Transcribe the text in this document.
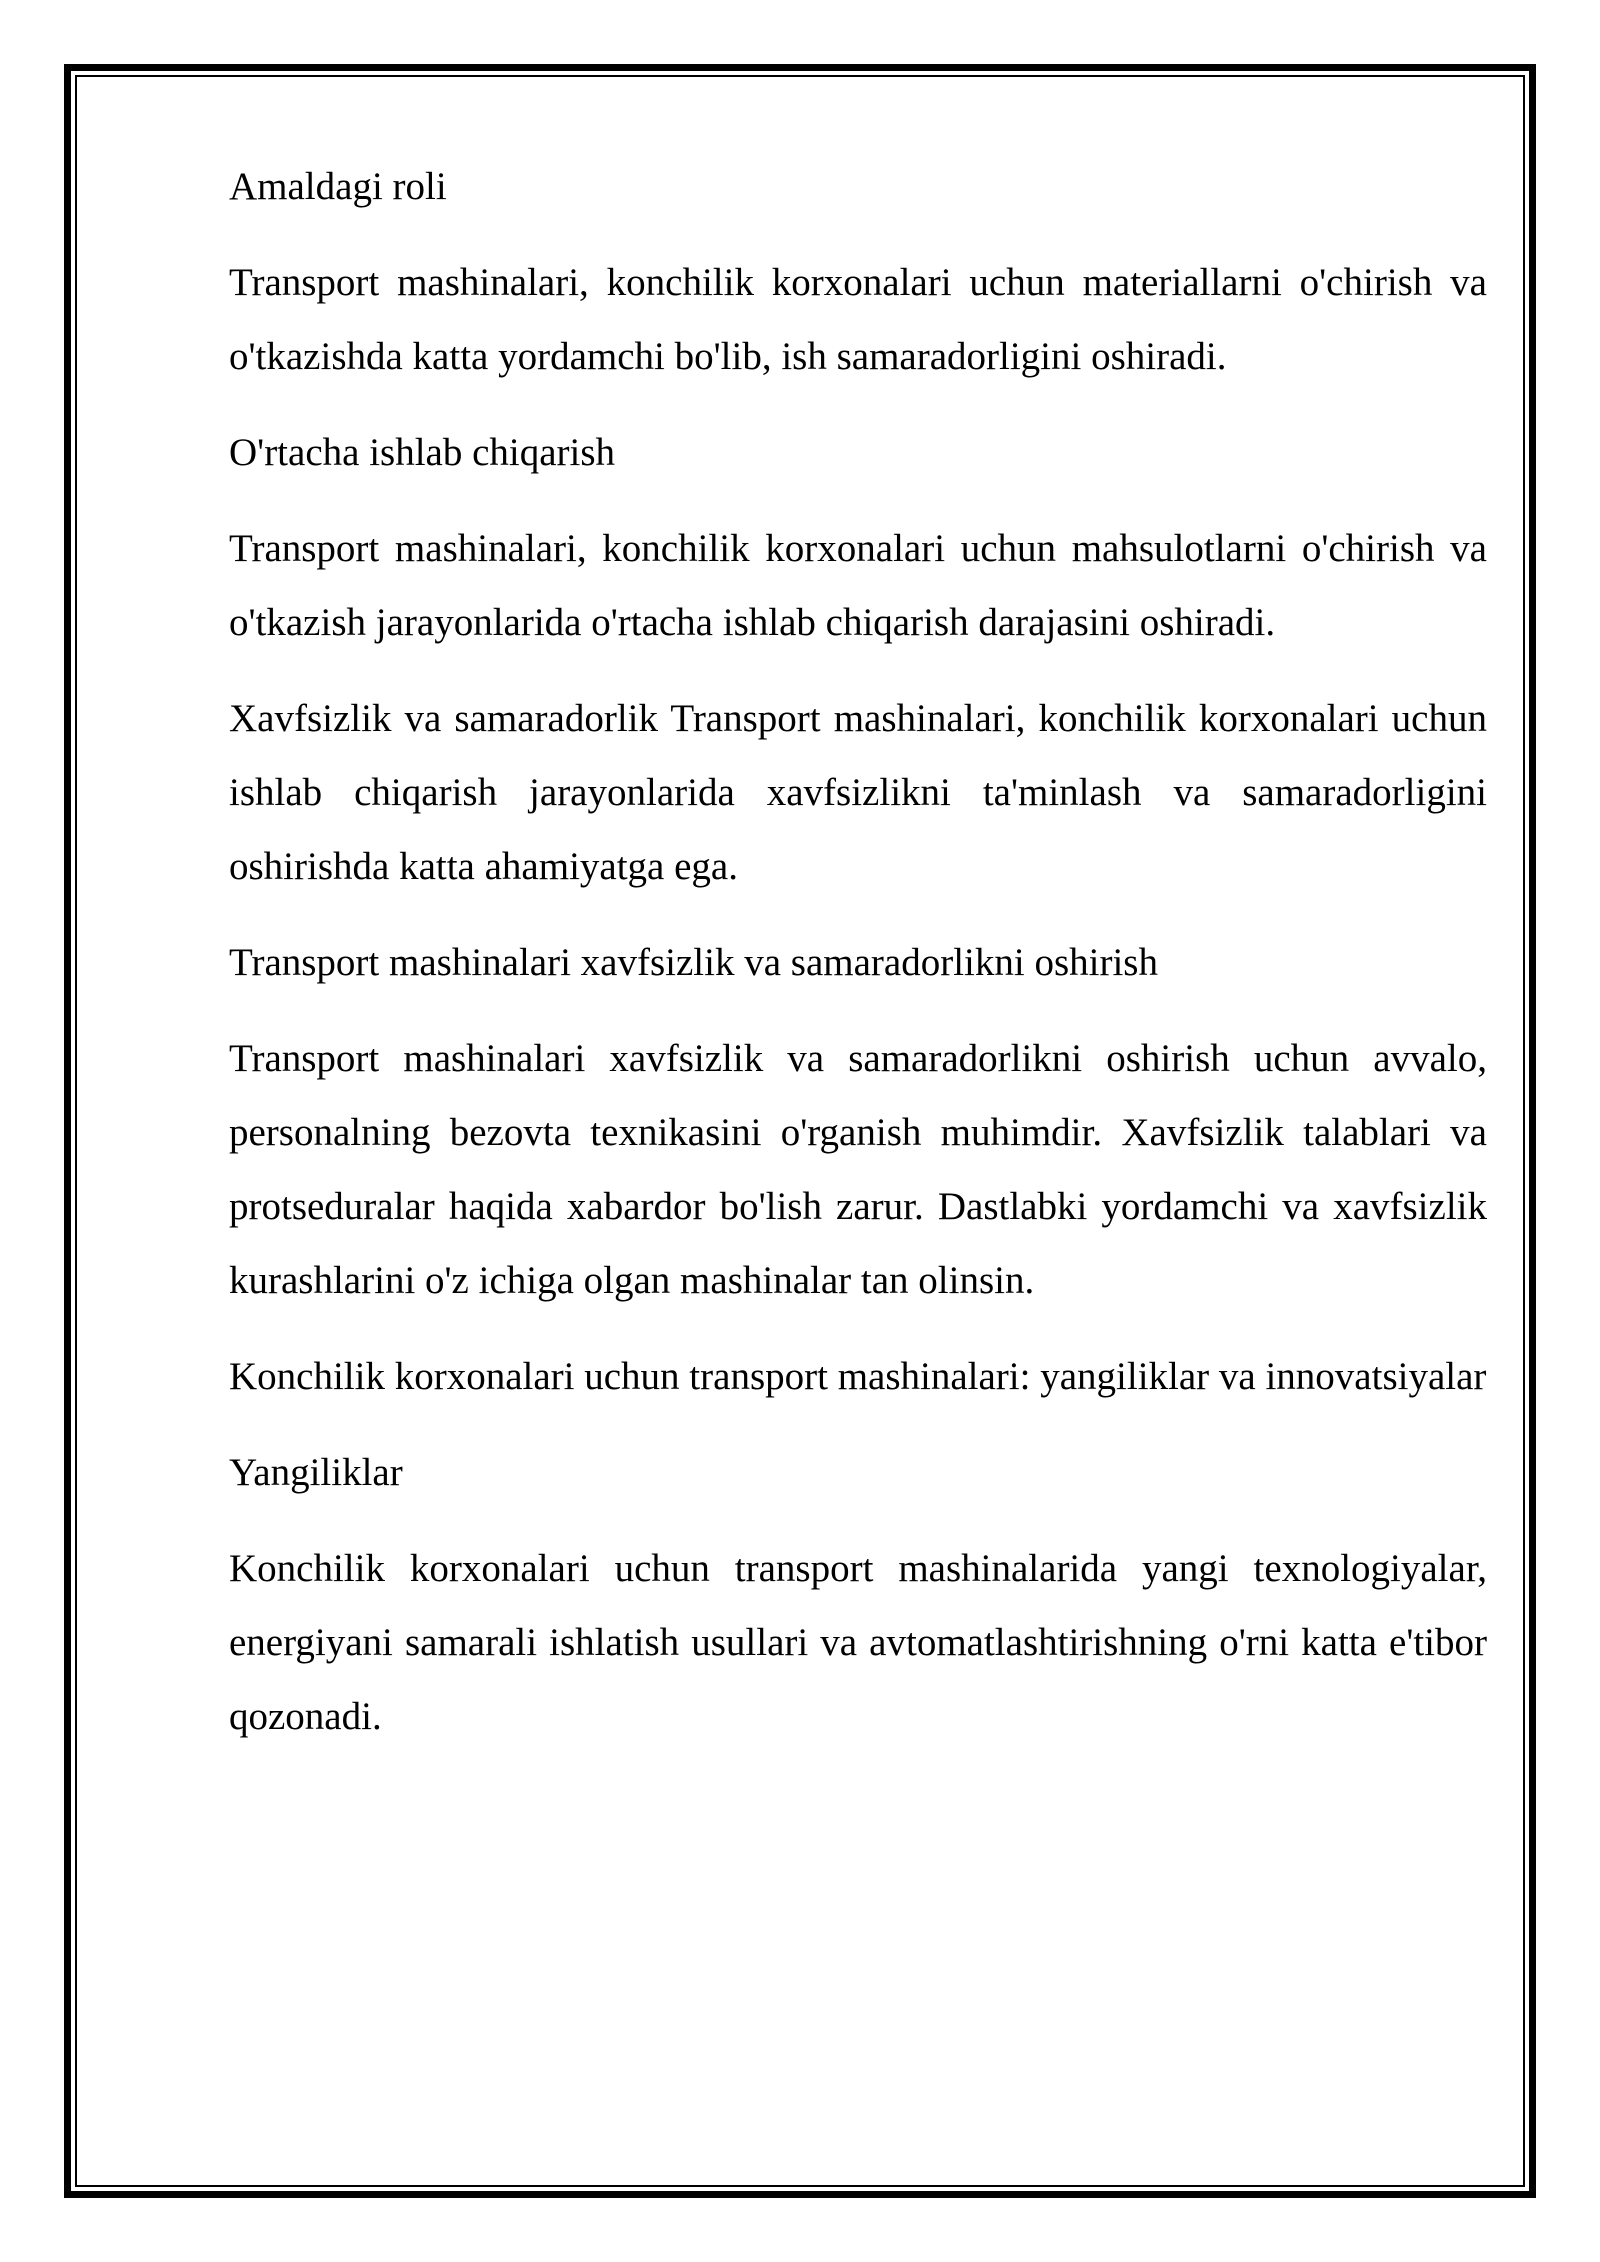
Amaldagi roli

Transport mashinalari, konchilik korxonalari uchun materiallarni o'chirish va o'tkazishda katta yordamchi bo'lib, ish samaradorligini oshiradi.

O'rtacha ishlab chiqarish

Transport mashinalari, konchilik korxonalari uchun mahsulotlarni o'chirish va o'tkazish jarayonlarida o'rtacha ishlab chiqarish darajasini oshiradi.

Xavfsizlik va samaradorlik Transport mashinalari, konchilik korxonalari uchun ishlab chiqarish jarayonlarida xavfsizlikni ta'minlash va samaradorligini oshirishda katta ahamiyatga ega.

Transport mashinalari xavfsizlik va samaradorlikni oshirish

Transport mashinalari xavfsizlik va samaradorlikni oshirish uchun avvalo, personalning bezovta texnikasini o'rganish muhimdir. Xavfsizlik talablari va protseduralar haqida xabardor bo'lish zarur. Dastlabki yordamchi va xavfsizlik kurashlarini o'z ichiga olgan mashinalar tan olinsin.

Konchilik korxonalari uchun transport mashinalari: yangiliklar va innovatsiyalar

Yangiliklar

Konchilik korxonalari uchun transport mashinalarida yangi texnologiyalar, energiyani samarali ishlatish usullari va avtomatlashtirishning o'rni katta e'tibor qozonadi.
